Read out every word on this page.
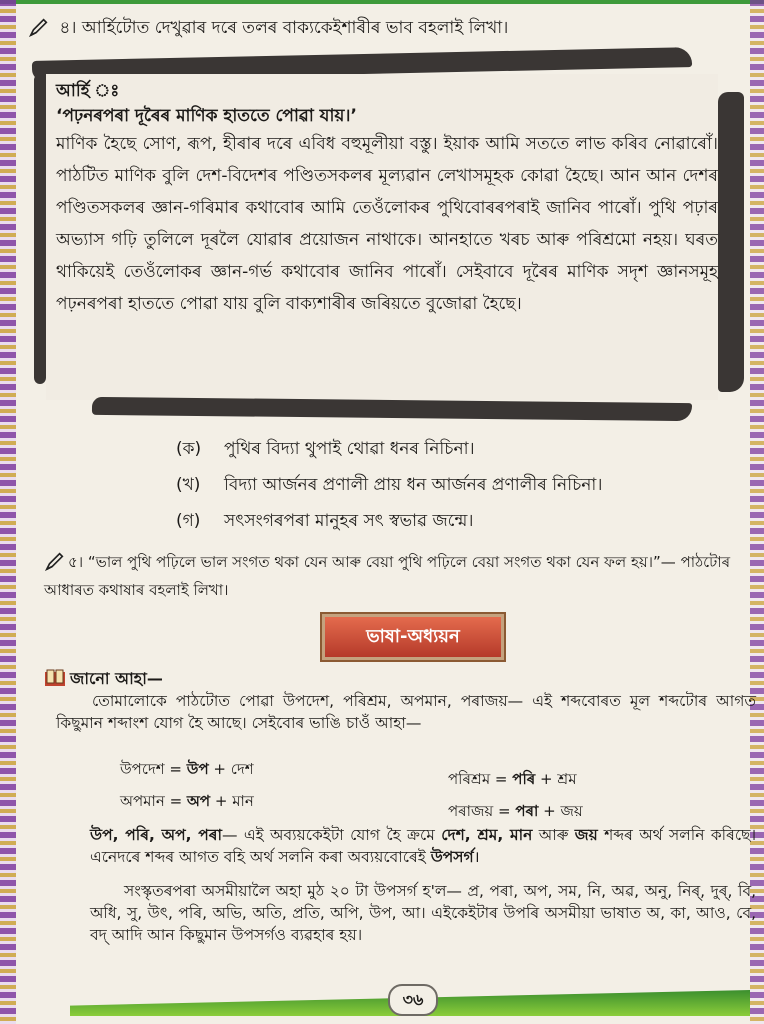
৪। আৰ্হিটোত দেখুৱাৰ দৰে তলৰ বাক্যকেইশাৰীৰ ভাব বহলাই লিখা।
আৰ্হি ঃ
‘পঢ়নৰপৰা দূৰৈৰ মাণিক হাততে পোৱা যায়।’
মাণিক হৈছে সোণ, ৰূপ, হীৰাৰ দৰে এবিধ বহুমূলীয়া বস্তু। ইয়াক আমি সততে লাভ কৰিব নোৱাৰোঁ। পাঠটিত মাণিক বুলি দেশ-বিদেশৰ পণ্ডিতসকলৰ মূল্যৱান লেখাসমূহক কোৱা হৈছে। আন আন দেশৰ পণ্ডিতসকলৰ জ্ঞান-গৰিমাৰ কথাবোৰ আমি তেওঁলোকৰ পুথিবোৰৰপৰাই জানিব পাৰোঁ। পুথি পঢ়াৰ অভ্যাস গঢ়ি তুলিলে দূৰলৈ যোৱাৰ প্ৰয়োজন নাথাকে। আনহাতে খৰচ আৰু পৰিশ্ৰমো নহয়। ঘৰত থাকিয়েই তেওঁলোকৰ জ্ঞান-গৰ্ভ কথাবোৰ জানিব পাৰোঁ। সেইবাবে দূৰৈৰ মাণিক সদৃশ জ্ঞানসমূহ পঢ়নৰপৰা হাততে পোৱা যায় বুলি বাক্যশাৰীৰ জৰিয়তে বুজোৱা হৈছে।
(ক) পুথিৰ বিদ্যা থুপাই থোৱা ধনৰ নিচিনা।
(খ) বিদ্যা আৰ্জনৰ প্ৰণালী প্ৰায় ধন আৰ্জনৰ প্ৰণালীৰ নিচিনা।
(গ) সৎসংগৰপৰা মানুহৰ সৎ স্বভাৱ জন্মে।
৫। “ভাল পুথি পঢ়িলে ভাল সংগত থকা যেন আৰু বেয়া পুথি পঢ়িলে বেয়া সংগত থকা যেন ফল হয়।”— পাঠটোৰ আধাৰত কথাষাৰ বহলাই লিখা।
ভাষা-অধ্যয়ন
জানো আহা—
তোমালোকে পাঠটোত পোৱা উপদেশ, পৰিশ্ৰম, অপমান, পৰাজয়— এই শব্দবোৰত মূল শব্দটোৰ আগত কিছুমান শব্দাংশ যোগ হৈ আছে। সেইবোৰ ভাঙি চাওঁ আহা—
উপদেশ = উপ + দেশ
পৰিশ্ৰম = পৰি + শ্ৰম
অপমান = অপ + মান
পৰাজয় = পৰা + জয়
উপ, পৰি, অপ, পৰা— এই অব্যয়কেইটা যোগ হৈ ক্ৰমে দেশ, শ্ৰম, মান আৰু জয় শব্দৰ অৰ্থ সলনি কৰিছে। এনেদৰে শব্দৰ আগত বহি অৰ্থ সলনি কৰা অব্যয়বোৰেই উপসৰ্গ।
সংস্কৃতৰপৰা অসমীয়ালৈ অহা মুঠ ২০ টা উপসৰ্গ হ'ল— প্ৰ, পৰা, অপ, সম, নি, অৱ, অনু, নিৰ্, দুৰ্, বি, অধি, সু, উৎ, পৰি, অভি, অতি, প্ৰতি, অপি, উপ, আ। এইকেইটাৰ উপৰি অসমীয়া ভাষাত অ, কা, আও, বে, বদ্ আদি আন কিছুমান উপসৰ্গও ব্যৱহাৰ হয়।
৩৬
